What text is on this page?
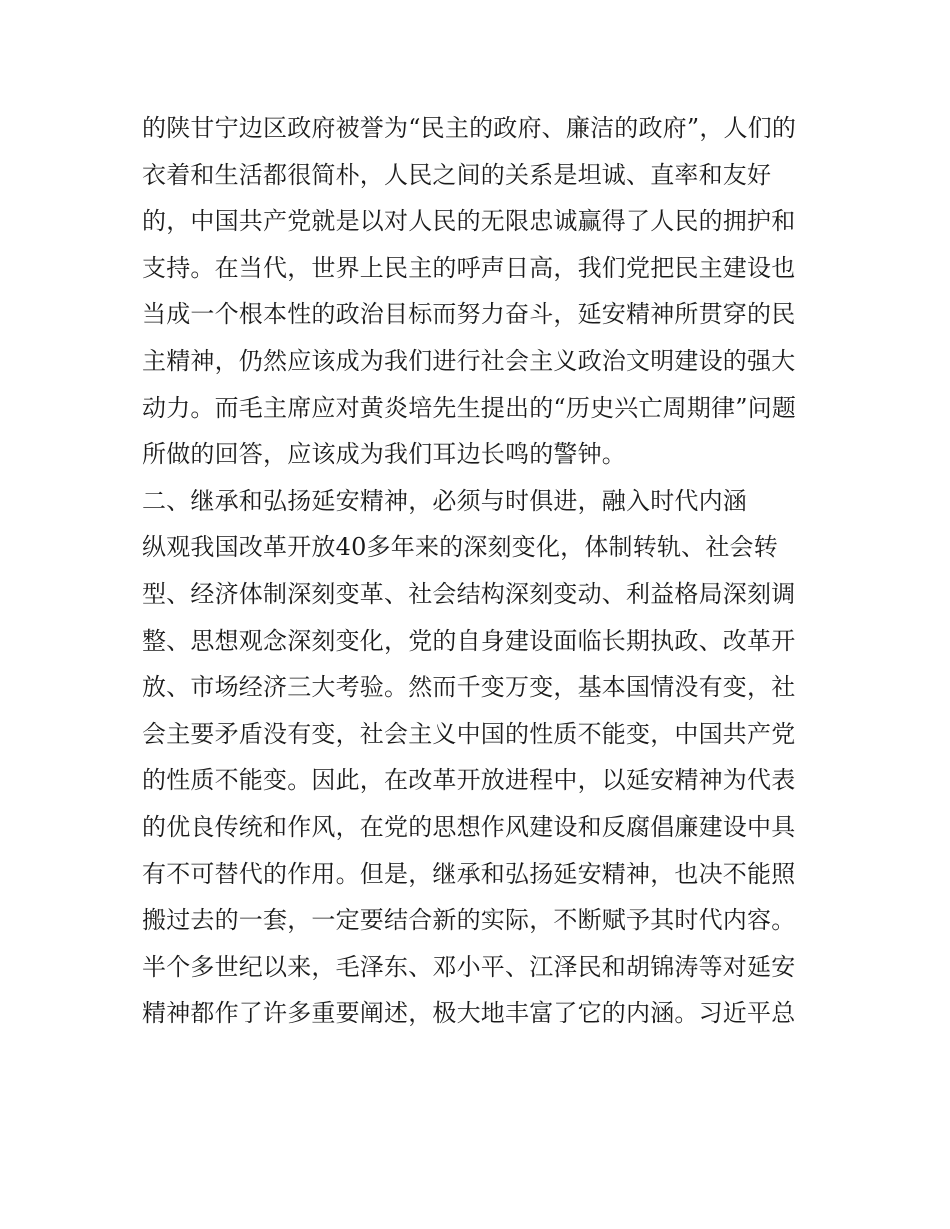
的陕甘宁边区政府被誉为“民主的政府、廉洁的政府”，人们的
衣着和生活都很简朴，人民之间的关系是坦诚、直率和友好
的，中国共产党就是以对人民的无限忠诚赢得了人民的拥护和
支持。在当代，世界上民主的呼声日高，我们党把民主建设也
当成一个根本性的政治目标而努力奋斗，延安精神所贯穿的民
主精神，仍然应该成为我们进行社会主义政治文明建设的强大
动力。而毛主席应对黄炎培先生提出的“历史兴亡周期律”问题
所做的回答，应该成为我们耳边长鸣的警钟。
二、继承和弘扬延安精神，必须与时俱进，融入时代内涵
纵观我国改革开放40多年来的深刻变化，体制转轨、社会转
型、经济体制深刻变革、社会结构深刻变动、利益格局深刻调
整、思想观念深刻变化，党的自身建设面临长期执政、改革开
放、市场经济三大考验。然而千变万变，基本国情没有变，社
会主要矛盾没有变，社会主义中国的性质不能变，中国共产党
的性质不能变。因此，在改革开放进程中，以延安精神为代表
的优良传统和作风，在党的思想作风建设和反腐倡廉建设中具
有不可替代的作用。但是，继承和弘扬延安精神，也决不能照
搬过去的一套，一定要结合新的实际，不断赋予其时代内容。
半个多世纪以来，毛泽东、邓小平、江泽民和胡锦涛等对延安
精神都作了许多重要阐述，极大地丰富了它的内涵。习近平总
